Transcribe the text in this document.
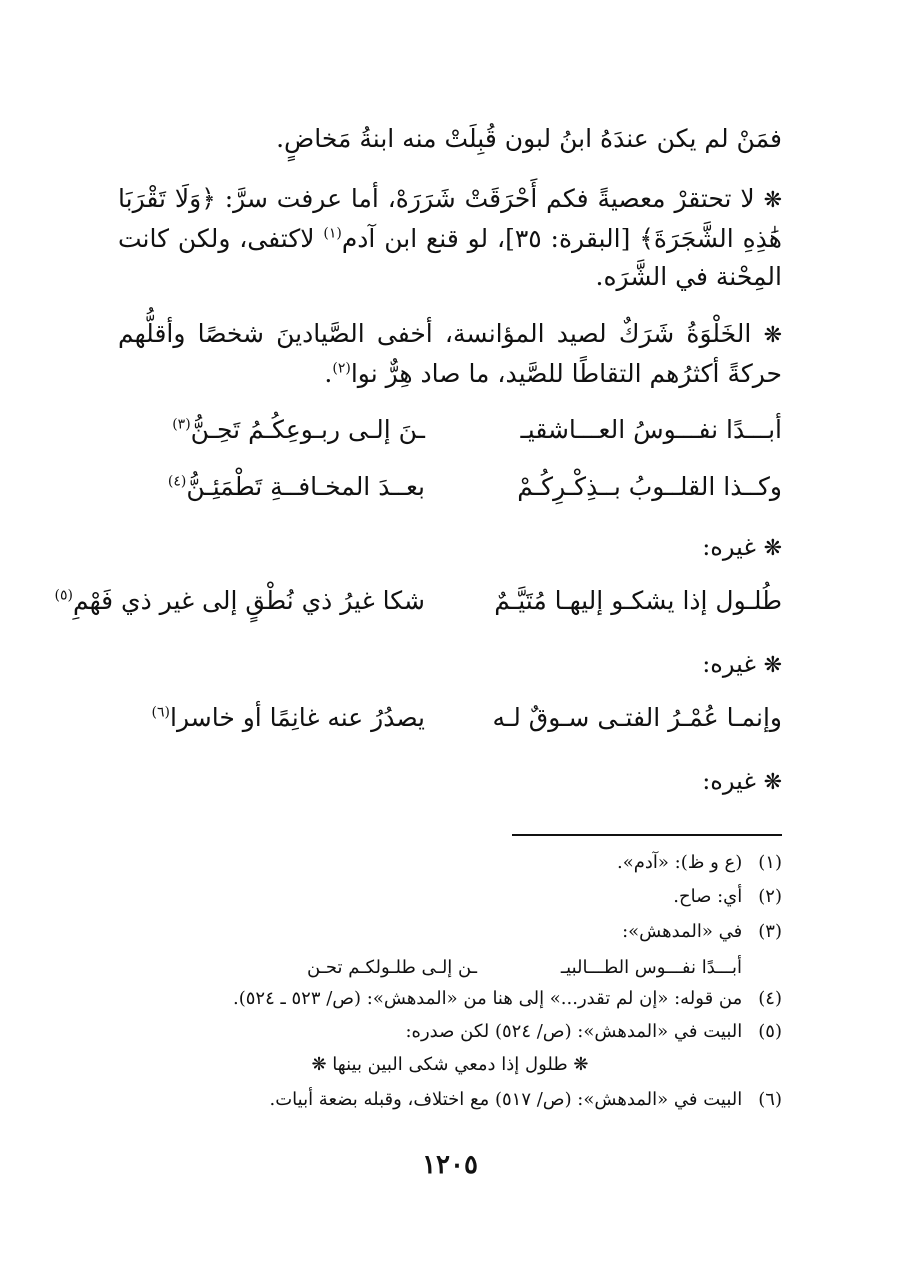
فمَنْ لم يكن عندَهُ ابنُ لبون قُبِلَتْ منه ابنةُ مَخاضٍ.
❋ لا تحتقرْ معصيةً فكم أَحْرَقَتْ شَرَرَهْ، أما عرفت سرَّ: ﴿وَلَا تَقْرَبَا هَٰذِهِ الشَّجَرَةَ﴾ [البقرة: ٣٥]، لو قنع ابن آدم$^{(١)}$ لاكتفى، ولكن كانت المِحْنة في الشَّرَه.
❋ الخَلْوَةُ شَرَكٌ لصيد المؤانسة، أخفى الصَّيادينَ شخصًا وأقلُّهم حركةً أكثرُهم التقاطًا للصَّيد، ما صاد هِرٌّ نوا$^{(٢)}$.
أبـــدًا نفـــوسُ العـــاشقيـ
ـنَ إلـى ربـوعِكُـمُ تَحِـنُّ$^{(٣)}$
وكــذا القلــوبُ بــذِكْـرِكُـمْ
بعــدَ المخـافــةِ تَطْمَئِـنُّ$^{(٤)}$
❋ غيره:
طُلـول إذا يشكـو إليهـا مُتَيَّـمٌ
شكا غيرُ ذي نُطْقٍ إلى غير ذي فَهْمِ$^{(٥)}$
❋ غيره:
وإنمـا عُمْـرُ الفتـى سـوقٌ لـه
يصدُرُ عنه غانِمًا أو خاسرا$^{(٦)}$
❋ غيره:
(١) (ع و ظ): «آدم».
(٢) أي: صاح.
(٣) في «المدهش»:
أبـــدًا نفـــوس الطـــالبيـ
ـن إلـى طلـولكـم تحـن
(٤) من قوله: «إن لم تقدر...» إلى هنا من «المدهش»: (ص/ ٥٢٣ ـ ٥٢٤).
(٥) البيت في «المدهش»: (ص/ ٥٢٤) لكن صدره:
❋ طلول إذا دمعي شكى البين بينها ❋
(٦) البيت في «المدهش»: (ص/ ٥١٧) مع اختلاف، وقبله بضعة أبيات.
١٢٠٥
